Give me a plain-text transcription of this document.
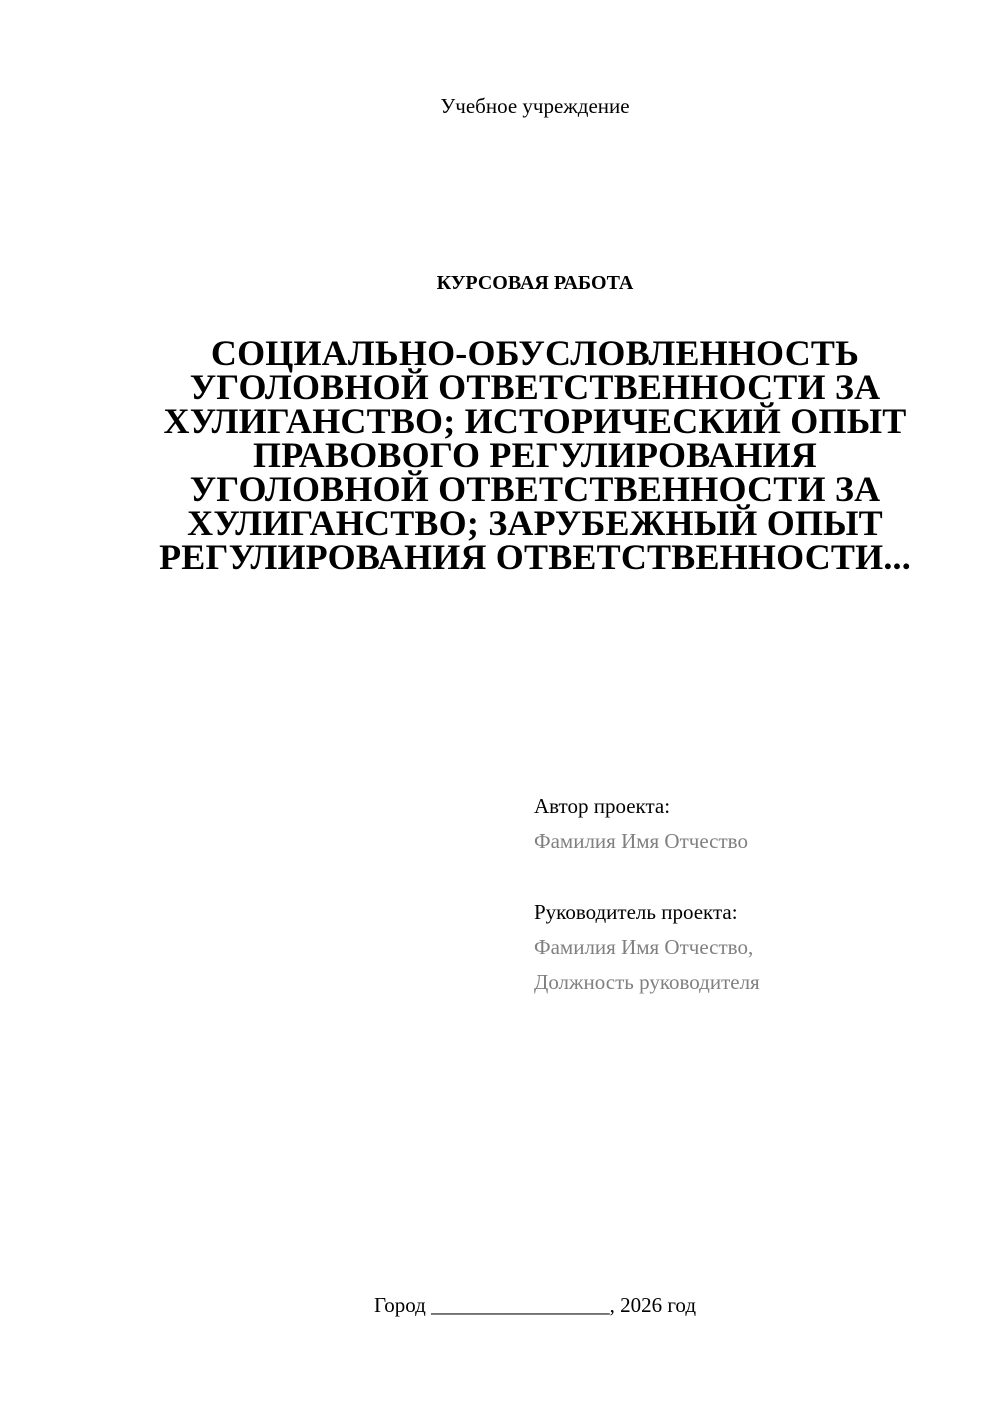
Учебное учреждение
КУРСОВАЯ РАБОТА
СОЦИАЛЬНО-ОБУСЛОВЛЕННОСТЬ УГОЛОВНОЙ ОТВЕТСТВЕННОСТИ ЗА ХУЛИГАНСТВО; ИСТОРИЧЕСКИЙ ОПЫТ ПРАВОВОГО РЕГУЛИРОВАНИЯ УГОЛОВНОЙ ОТВЕТСТВЕННОСТИ ЗА ХУЛИГАНСТВО; ЗАРУБЕЖНЫЙ ОПЫТ РЕГУЛИРОВАНИЯ ОТВЕТСТВЕННОСТИ...
Автор проекта:
Фамилия Имя Отчество
Руководитель проекта:
Фамилия Имя Отчество,
Должность руководителя
Город _________________, 2026 год
